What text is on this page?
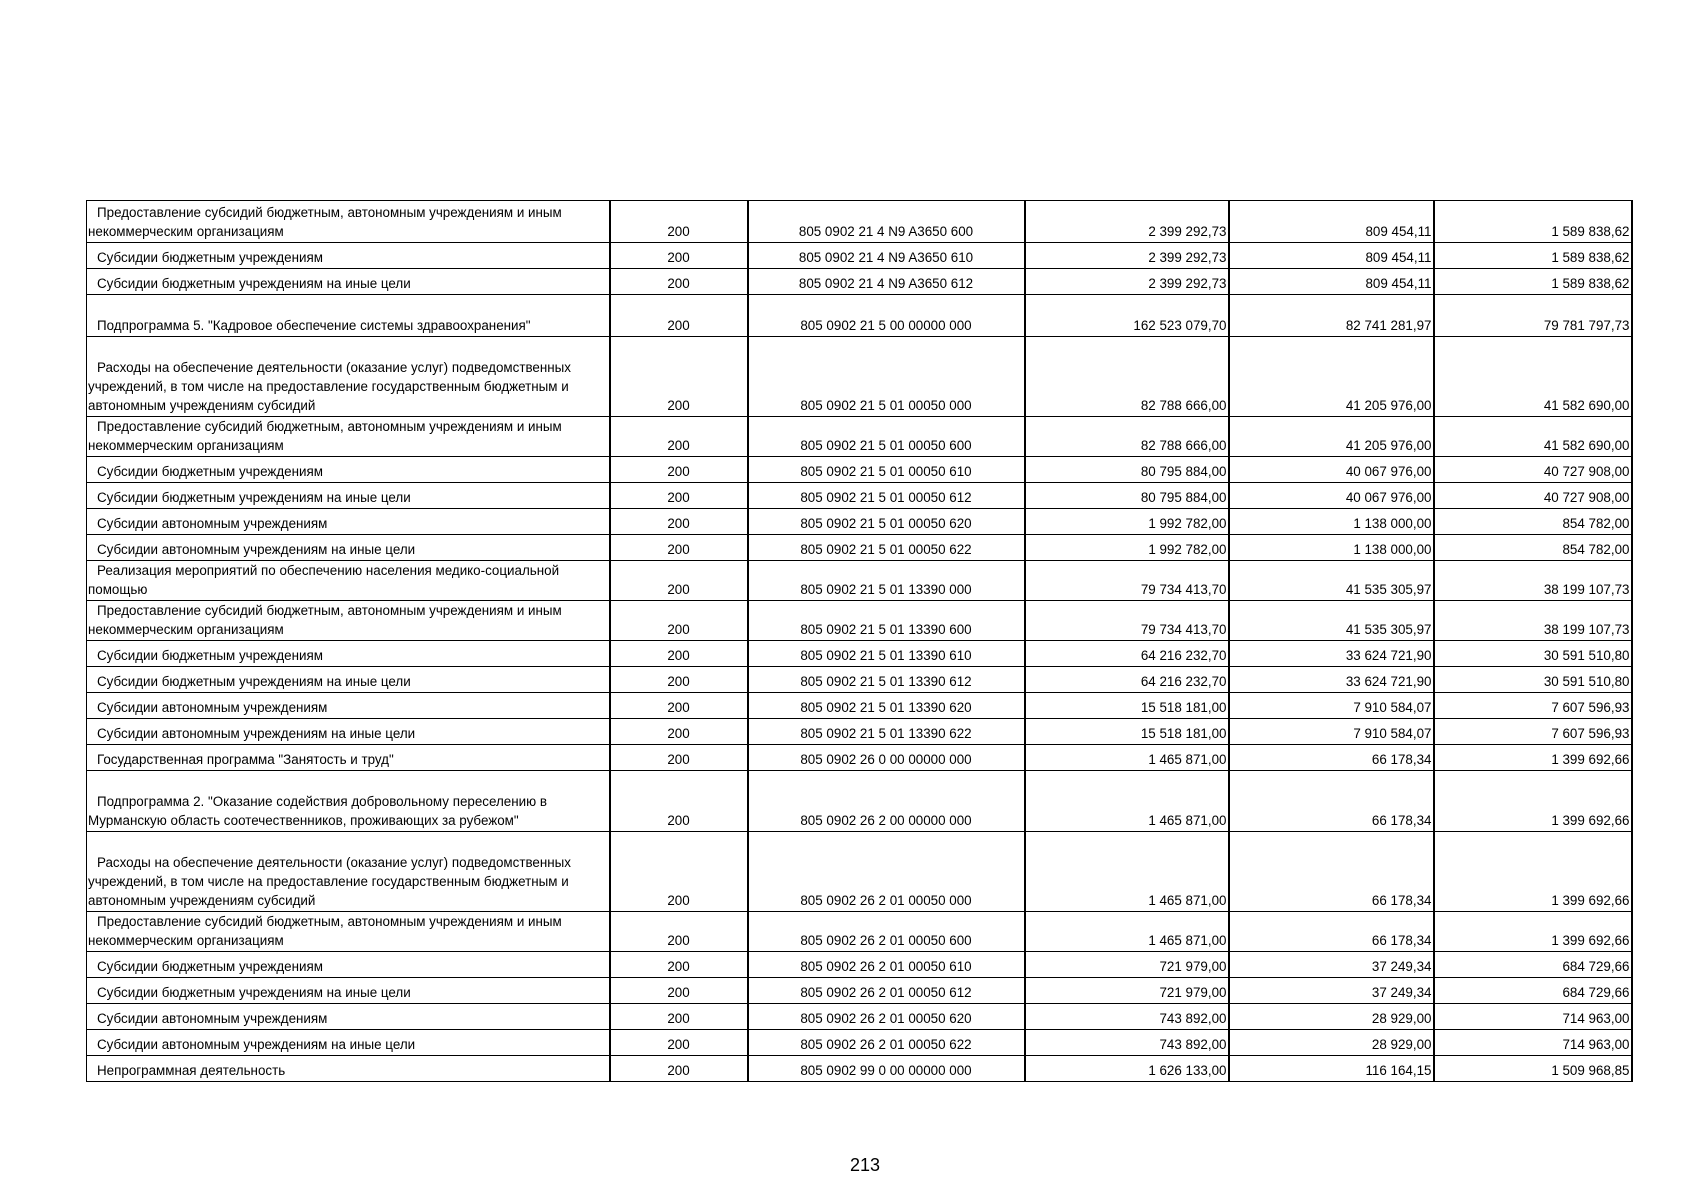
Предоставление субсидий бюджетным, автономным учреждениям и иным некоммерческим организациям	200	805 0902 21 4 N9 A3650 600	2 399 292,73	809 454,11	1 589 838,62
Субсидии бюджетным учреждениям	200	805 0902 21 4 N9 A3650 610	2 399 292,73	809 454,11	1 589 838,62
Субсидии бюджетным учреждениям на иные цели	200	805 0902 21 4 N9 A3650 612	2 399 292,73	809 454,11	1 589 838,62
Подпрограмма 5. "Кадровое обеспечение системы здравоохранения"	200	805 0902 21 5 00 00000 000	162 523 079,70	82 741 281,97	79 781 797,73
Расходы на обеспечение деятельности (оказание услуг) подведомственных учреждений, в том числе на предоставление государственным бюджетным и автономным учреждениям субсидий	200	805 0902 21 5 01 00050 000	82 788 666,00	41 205 976,00	41 582 690,00
Предоставление субсидий бюджетным, автономным учреждениям и иным некоммерческим организациям	200	805 0902 21 5 01 00050 600	82 788 666,00	41 205 976,00	41 582 690,00
Субсидии бюджетным учреждениям	200	805 0902 21 5 01 00050 610	80 795 884,00	40 067 976,00	40 727 908,00
Субсидии бюджетным учреждениям на иные цели	200	805 0902 21 5 01 00050 612	80 795 884,00	40 067 976,00	40 727 908,00
Субсидии автономным учреждениям	200	805 0902 21 5 01 00050 620	1 992 782,00	1 138 000,00	854 782,00
Субсидии автономным учреждениям на иные цели	200	805 0902 21 5 01 00050 622	1 992 782,00	1 138 000,00	854 782,00
Реализация мероприятий по обеспечению населения медико-социальной помощью	200	805 0902 21 5 01 13390 000	79 734 413,70	41 535 305,97	38 199 107,73
Предоставление субсидий бюджетным, автономным учреждениям и иным некоммерческим организациям	200	805 0902 21 5 01 13390 600	79 734 413,70	41 535 305,97	38 199 107,73
Субсидии бюджетным учреждениям	200	805 0902 21 5 01 13390 610	64 216 232,70	33 624 721,90	30 591 510,80
Субсидии бюджетным учреждениям на иные цели	200	805 0902 21 5 01 13390 612	64 216 232,70	33 624 721,90	30 591 510,80
Субсидии автономным учреждениям	200	805 0902 21 5 01 13390 620	15 518 181,00	7 910 584,07	7 607 596,93
Субсидии автономным учреждениям на иные цели	200	805 0902 21 5 01 13390 622	15 518 181,00	7 910 584,07	7 607 596,93
Государственная программа "Занятость и труд"	200	805 0902 26 0 00 00000 000	1 465 871,00	66 178,34	1 399 692,66
Подпрограмма 2. "Оказание содействия добровольному переселению в Мурманскую область соотечественников, проживающих за рубежом"	200	805 0902 26 2 00 00000 000	1 465 871,00	66 178,34	1 399 692,66
Расходы на обеспечение деятельности (оказание услуг) подведомственных учреждений, в том числе на предоставление государственным бюджетным и автономным учреждениям субсидий	200	805 0902 26 2 01 00050 000	1 465 871,00	66 178,34	1 399 692,66
Предоставление субсидий бюджетным, автономным учреждениям и иным некоммерческим организациям	200	805 0902 26 2 01 00050 600	1 465 871,00	66 178,34	1 399 692,66
Субсидии бюджетным учреждениям	200	805 0902 26 2 01 00050 610	721 979,00	37 249,34	684 729,66
Субсидии бюджетным учреждениям на иные цели	200	805 0902 26 2 01 00050 612	721 979,00	37 249,34	684 729,66
Субсидии автономным учреждениям	200	805 0902 26 2 01 00050 620	743 892,00	28 929,00	714 963,00
Субсидии автономным учреждениям на иные цели	200	805 0902 26 2 01 00050 622	743 892,00	28 929,00	714 963,00
Непрограммная деятельность	200	805 0902 99 0 00 00000 000	1 626 133,00	116 164,15	1 509 968,85
213
